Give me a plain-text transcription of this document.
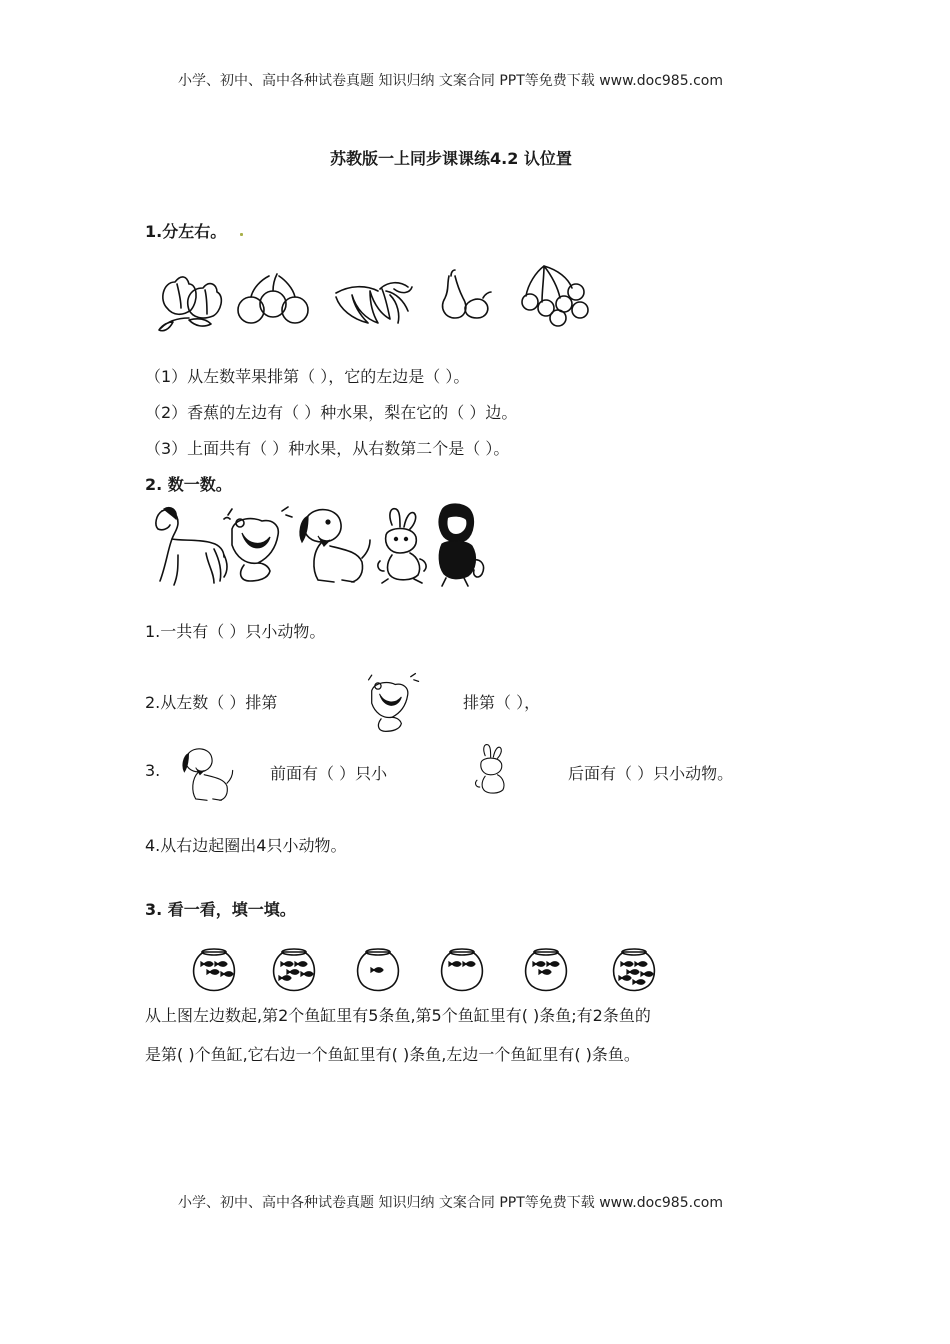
小学、初中、高中各种试卷真题 知识归纳 文案合同 PPT等免费下载 www.doc985.com
苏教版一上同步课课练4.2 认位置
1.分左右。
（1）从左数苹果排第（ ），它的左边是（ ）。
（2）香蕉的左边有（ ）种水果，梨在它的（ ）边。
（3）上面共有（ ）种水果，从右数第二个是（ ）。
2. 数一数。
1.一共有（ ）只小动物。
2.从左数（ ）排第	排第（ ），
3.	前面有（ ）只小	后面有（ ）只小动物。
4.从右边起圈出4只小动物。
3. 看一看，填一填。
从上图左边数起,第2个鱼缸里有5条鱼,第5个鱼缸里有( )条鱼;有2条鱼的
是第( )个鱼缸,它右边一个鱼缸里有( )条鱼,左边一个鱼缸里有( )条鱼。
小学、初中、高中各种试卷真题 知识归纳 文案合同 PPT等免费下载 www.doc985.com
